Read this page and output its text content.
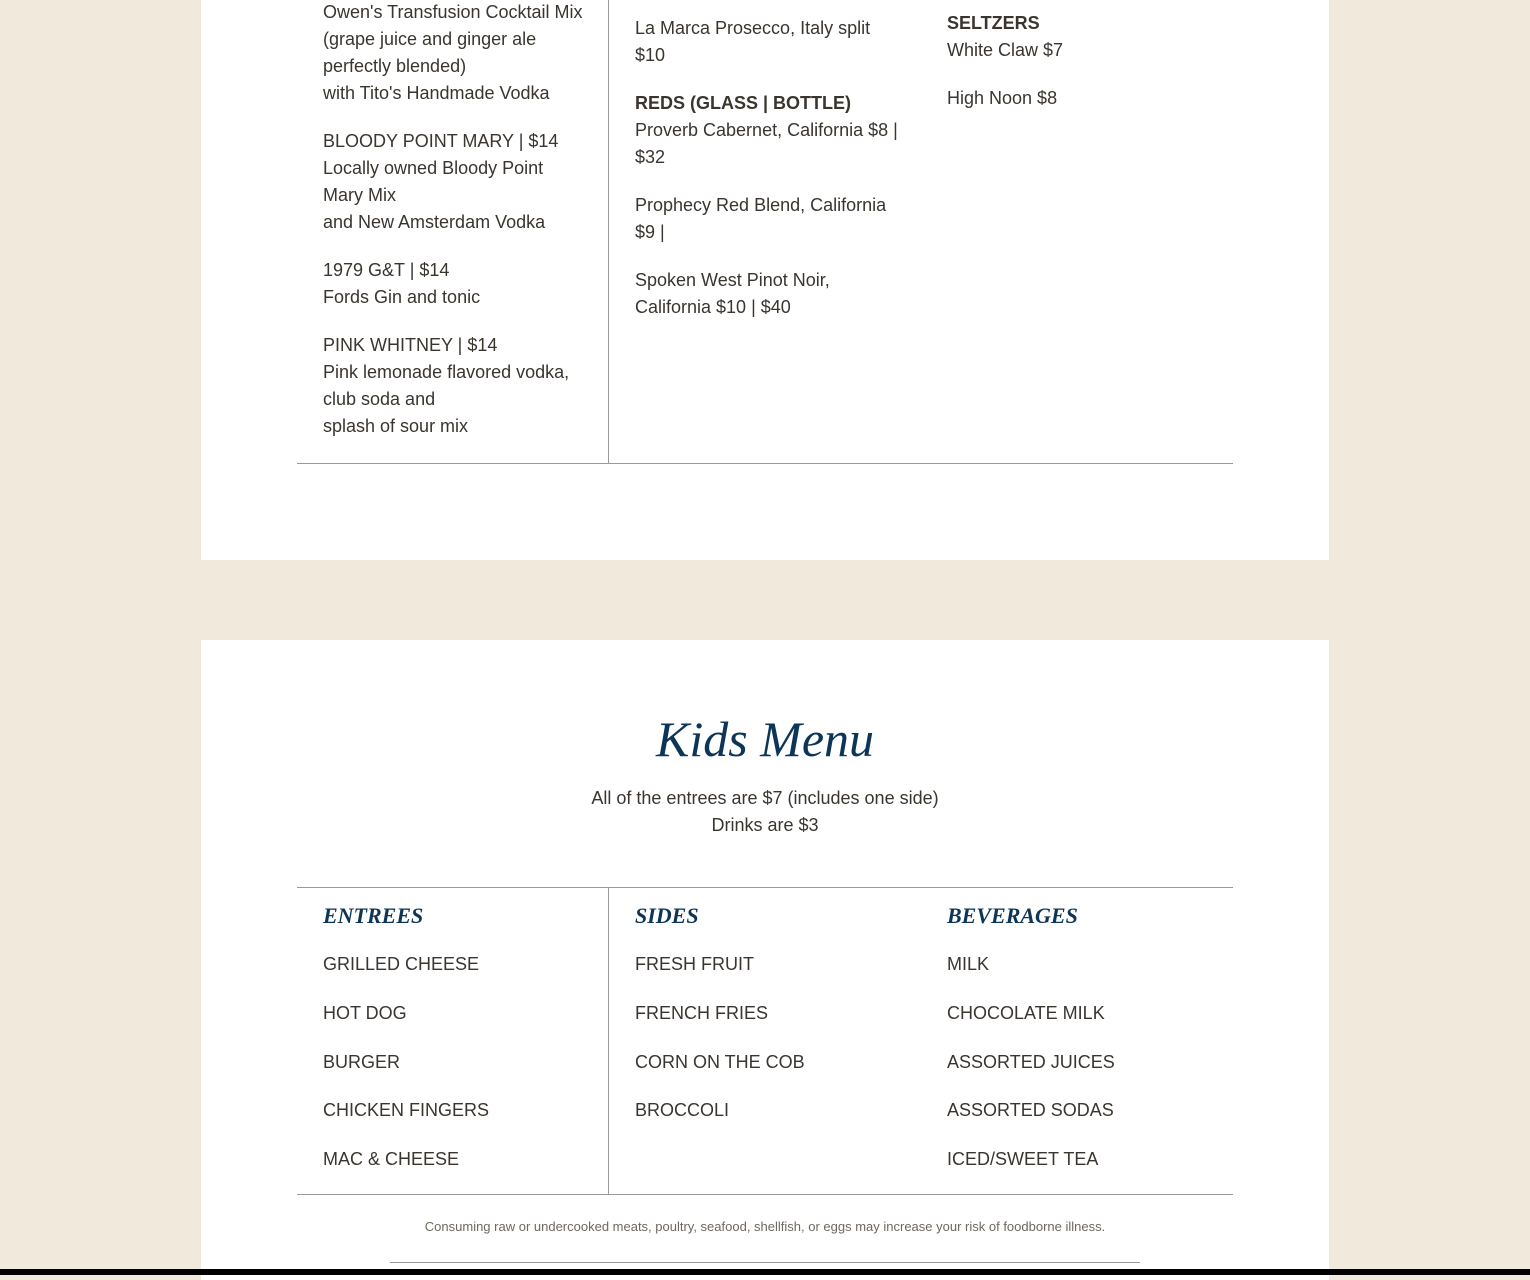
Owen's Transfusion Cocktail Mix
(grape juice and ginger ale
perfectly blended)
with Tito's Handmade Vodka
BLOODY POINT MARY | $14
Locally owned Bloody Point
Mary Mix
and New Amsterdam Vodka
1979 G&T | $14
Fords Gin and tonic
PINK WHITNEY | $14
Pink lemonade flavored vodka,
club soda and
splash of sour mix
La Marca Prosecco, Italy split
$10
REDS (GLASS | BOTTLE)
Proverb Cabernet, California $8 |
$32
Prophecy Red Blend, California
$9 |
Spoken West Pinot Noir,
California $10 | $40
SELTZERS
White Claw $7
High Noon $8
Kids Menu
All of the entrees are $7 (includes one side)
Drinks are $3
ENTREES	SIDES	BEVERAGES
GRILLED CHEESE
HOT DOG
BURGER
CHICKEN FINGERS
MAC & CHEESE
FRESH FRUIT
FRENCH FRIES
CORN ON THE COB
BROCCOLI
MILK
CHOCOLATE MILK
ASSORTED JUICES
ASSORTED SODAS
ICED/SWEET TEA
Consuming raw or undercooked meats, poultry, seafood, shellfish, or eggs may increase your risk of foodborne illness.
